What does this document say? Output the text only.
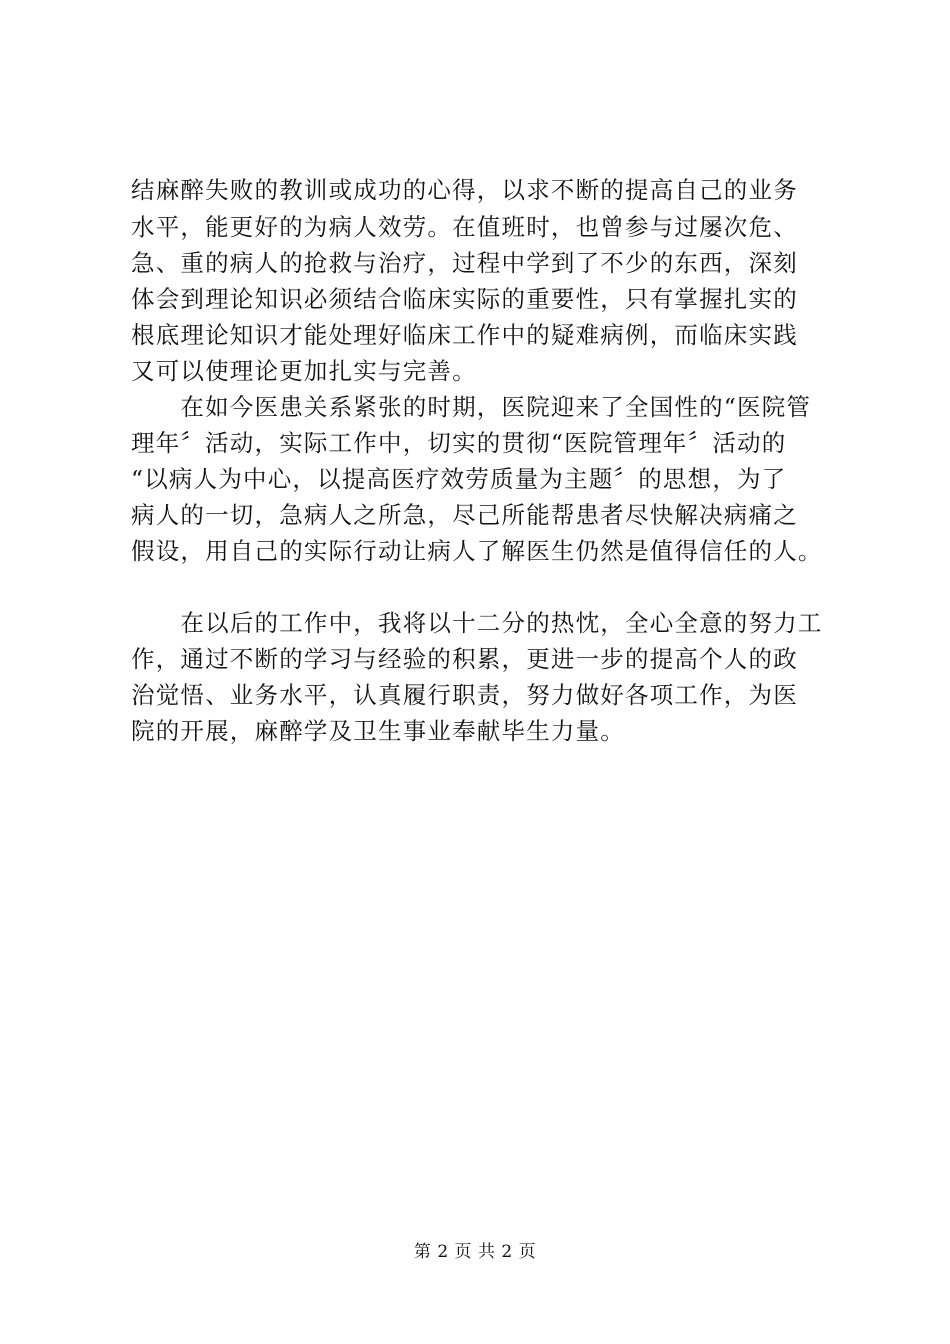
结麻醉失败的教训或成功的心得，以求不断的提高自己的业务
水平，能更好的为病人效劳。在值班时，也曾参与过屡次危、
急、重的病人的抢救与治疗，过程中学到了不少的东西，深刻
体会到理论知识必须结合临床实际的重要性，只有掌握扎实的
根底理论知识才能处理好临床工作中的疑难病例，而临床实践
又可以使理论更加扎实与完善。
　　在如今医患关系紧张的时期，医院迎来了全国性的“医院管
理年〞活动，实际工作中，切实的贯彻“医院管理年〞活动的
“以病人为中心，以提高医疗效劳质量为主题〞的思想，为了
病人的一切，急病人之所急，尽己所能帮患者尽快解决病痛之
假设，用自己的实际行动让病人了解医生仍然是值得信任的人。
　　在以后的工作中，我将以十二分的热忱，全心全意的努力工
作，通过不断的学习与经验的积累，更进一步的提高个人的政
治觉悟、业务水平，认真履行职责，努力做好各项工作，为医
院的开展，麻醉学及卫生事业奉献毕生力量。
第 2 页 共 2 页
